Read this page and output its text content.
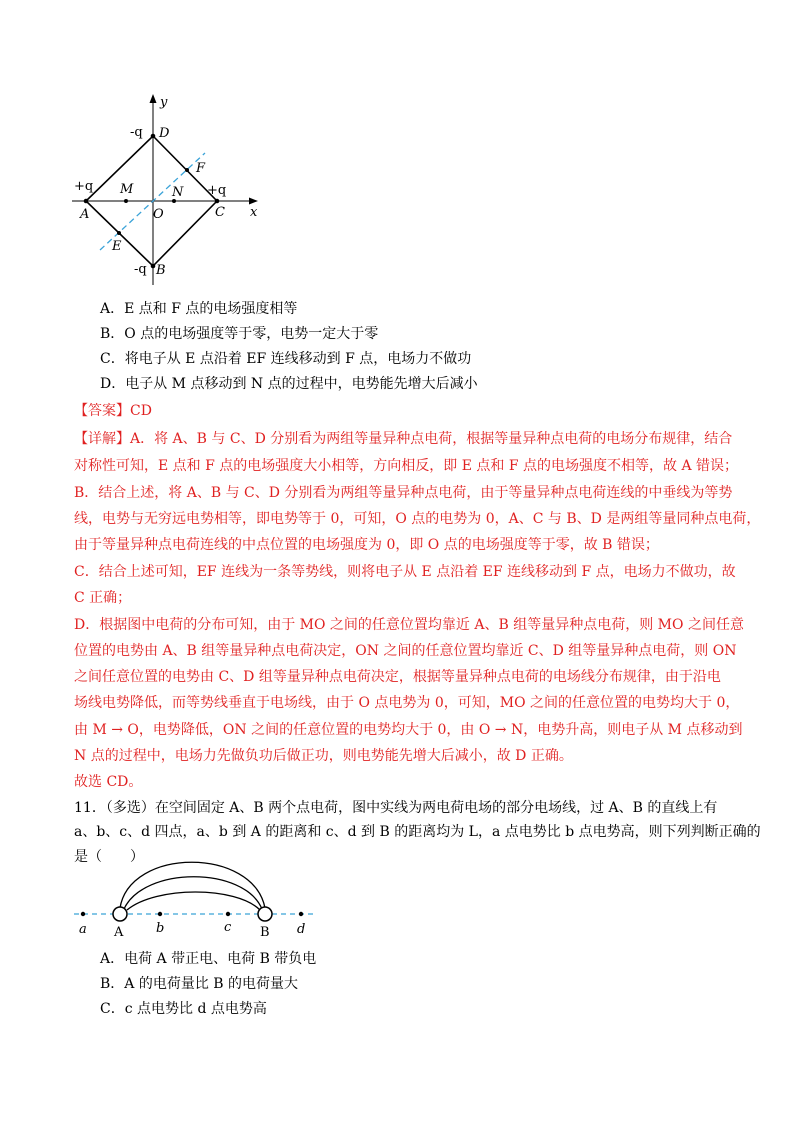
y
x
D
-q
B
-q
+q
A
+q
C
M	N
O
E
F
A．E 点和 F 点的电场强度相等
B．O 点的电场强度等于零，电势一定大于零
C．将电子从 E 点沿着 EF 连线移动到 F 点，电场力不做功
D．电子从 M 点移动到 N 点的过程中，电势能先增大后减小
【答案】CD
【详解】A．将 A、B 与 C、D 分别看为两组等量异种点电荷，根据等量异种点电荷的电场分布规律，结合
对称性可知，E 点和 F 点的电场强度大小相等，方向相反，即 E 点和 F 点的电场强度不相等，故 A 错误；
B．结合上述，将 A、B 与 C、D 分别看为两组等量异种点电荷，由于等量异种点电荷连线的中垂线为等势
线，电势与无穷远电势相等，即电势等于 0，可知，O 点的电势为 0，A、C 与 B、D 是两组等量同种点电荷，
由于等量异种点电荷连线的中点位置的电场强度为 0，即 O 点的电场强度等于零，故 B 错误；
C．结合上述可知，EF 连线为一条等势线，则将电子从 E 点沿着 EF 连线移动到 F 点，电场力不做功，故
C 正确；
D．根据图中电荷的分布可知，由于 MO 之间的任意位置均靠近 A、B 组等量异种点电荷，则 MO 之间任意
位置的电势由 A、B 组等量异种点电荷决定，ON 之间的任意位置均靠近 C、D 组等量异种点电荷，则 ON
之间任意位置的电势由 C、D 组等量异种点电荷决定，根据等量异种点电荷的电场线分布规律，由于沿电
场线电势降低，而等势线垂直于电场线，由于 O 点电势为 0，可知，MO 之间的任意位置的电势均大于 0，
由 M → O，电势降低，ON 之间的任意位置的电势均大于 0，由 O → N，电势升高，则电子从 M 点移动到
N 点的过程中，电场力先做负功后做正功，则电势能先增大后减小，故 D 正确。
故选 CD。
11．（多选）在空间固定 A、B 两个点电荷，图中实线为两电荷电场的部分电场线，过 A、B 的直线上有
a、b、c、d 四点，a、b 到 A 的距离和 c、d 到 B 的距离均为 L，a 点电势比 b 点电势高，则下列判断正确的
是（　　）
a A	b	c B d
A．电荷 A 带正电、电荷 B 带负电
B．A 的电荷量比 B 的电荷量大
C．c 点电势比 d 点电势高
